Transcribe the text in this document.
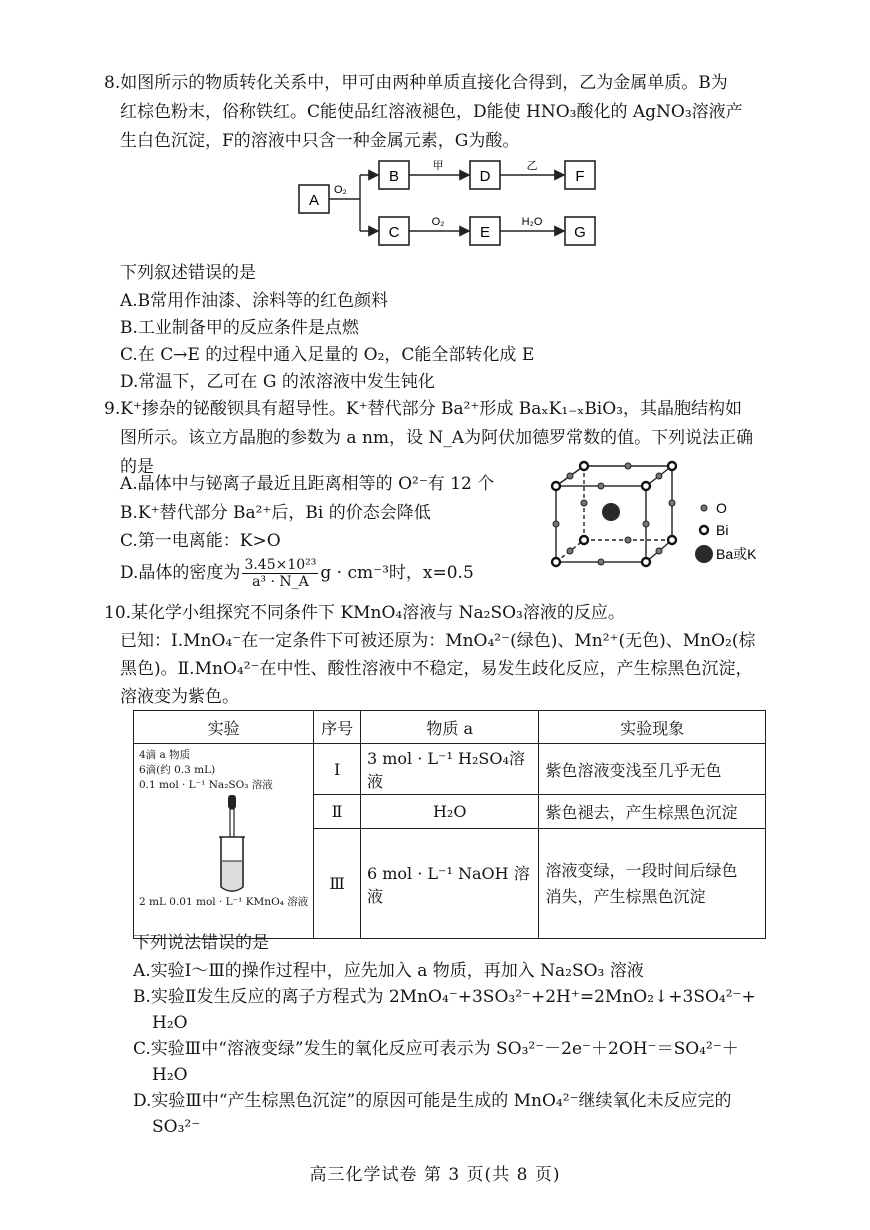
8.如图所示的物质转化关系中，甲可由两种单质直接化合得到，乙为金属单质。B为
红棕色粉末，俗称铁红。C能使品红溶液褪色，D能使 HNO₃酸化的 AgNO₃溶液产
生白色沉淀，F的溶液中只含一种金属元素，G为酸。
A
B	D	F
C	E	G
O₂
甲	乙
O₂	H₂O
下列叙述错误的是
A.B常用作油漆、涂料等的红色颜料
B.工业制备甲的反应条件是点燃
C.在 C→E 的过程中通入足量的 O₂，C能全部转化成 E
D.常温下，乙可在 G 的浓溶液中发生钝化
9.K⁺掺杂的铋酸钡具有超导性。K⁺替代部分 Ba²⁺形成 BaₓK₁₋ₓBiO₃，其晶胞结构如
图所示。该立方晶胞的参数为 a nm，设 N_A为阿伏加德罗常数的值。下列说法正确
的是
A.晶体中与铋离子最近且距离相等的 O²⁻有 12 个
B.K⁺替代部分 Ba²⁺后，Bi 的价态会降低
C.第一电离能：K>O
D.晶体的密度为 $\frac{\text{3.45×10²³}}{\text{a³ · N\_A}}$ g · cm⁻³时，x=0.5
O
Bi
Ba或K
10.某化学小组探究不同条件下 KMnO₄溶液与 Na₂SO₃溶液的反应。
已知：Ⅰ.MnO₄⁻在一定条件下可被还原为：MnO₄²⁻(绿色)、Mn²⁺(无色)、MnO₂(棕
黑色)。Ⅱ.MnO₄²⁻在中性、酸性溶液中不稳定，易发生歧化反应，产生棕黑色沉淀，
溶液变为紫色。
实验	序号	物质 a	实验现象

4滴 a 物质
6滴(约 0.3 mL)
0.1 mol · L⁻¹ Na₂SO₃ 溶液
2 mL 0.01 mol · L⁻¹ KMnO₄ 溶液	Ⅰ	3 mol · L⁻¹ H₂SO₄溶液	紫色溶液变浅至几乎无色
	Ⅱ	H₂O	紫色褪去，产生棕黑色沉淀
	Ⅲ	6 mol · L⁻¹ NaOH 溶液	溶液变绿，一段时间后绿色
消失，产生棕黑色沉淀
下列说法错误的是
A.实验Ⅰ～Ⅲ的操作过程中，应先加入 a 物质，再加入 Na₂SO₃ 溶液
B.实验Ⅱ发生反应的离子方程式为 2MnO₄⁻+3SO₃²⁻+2H⁺=2MnO₂↓+3SO₄²⁻+
H₂O
C.实验Ⅲ中“溶液变绿”发生的氧化反应可表示为 SO₃²⁻－2e⁻＋2OH⁻＝SO₄²⁻＋
H₂O
D.实验Ⅲ中“产生棕黑色沉淀”的原因可能是生成的 MnO₄²⁻继续氧化未反应完的
SO₃²⁻
高三化学试卷 第 3 页(共 8 页)
